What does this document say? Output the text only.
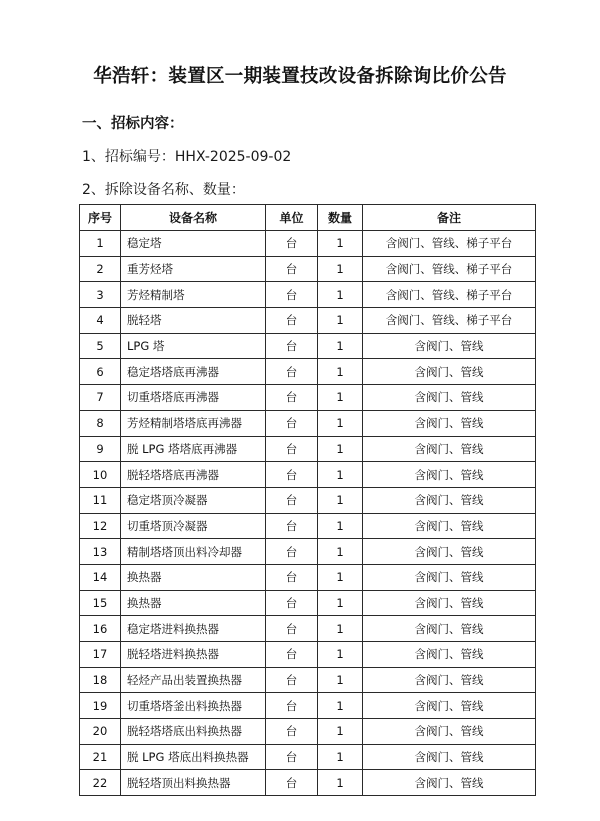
华浩轩：装置区一期装置技改设备拆除询比价公告
一、招标内容：
1、招标编号：HHX-2025-09-02
2、拆除设备名称、数量：
序号	设备名称	单位	数量	备注
1	稳定塔	台	1	含阀门、管线、梯子平台
2	重芳烃塔	台	1	含阀门、管线、梯子平台
3	芳烃精制塔	台	1	含阀门、管线、梯子平台
4	脱轻塔	台	1	含阀门、管线、梯子平台
5	LPG 塔	台	1	含阀门、管线
6	稳定塔塔底再沸器	台	1	含阀门、管线
7	切重塔塔底再沸器	台	1	含阀门、管线
8	芳烃精制塔塔底再沸器	台	1	含阀门、管线
9	脱 LPG 塔塔底再沸器	台	1	含阀门、管线
10	脱轻塔塔底再沸器	台	1	含阀门、管线
11	稳定塔顶冷凝器	台	1	含阀门、管线
12	切重塔顶冷凝器	台	1	含阀门、管线
13	精制塔塔顶出料冷却器	台	1	含阀门、管线
14	换热器	台	1	含阀门、管线
15	换热器	台	1	含阀门、管线
16	稳定塔进料换热器	台	1	含阀门、管线
17	脱轻塔进料换热器	台	1	含阀门、管线
18	轻烃产品出装置换热器	台	1	含阀门、管线
19	切重塔塔釜出料换热器	台	1	含阀门、管线
20	脱轻塔塔底出料换热器	台	1	含阀门、管线
21	脱 LPG 塔底出料换热器	台	1	含阀门、管线
22	脱轻塔顶出料换热器	台	1	含阀门、管线
